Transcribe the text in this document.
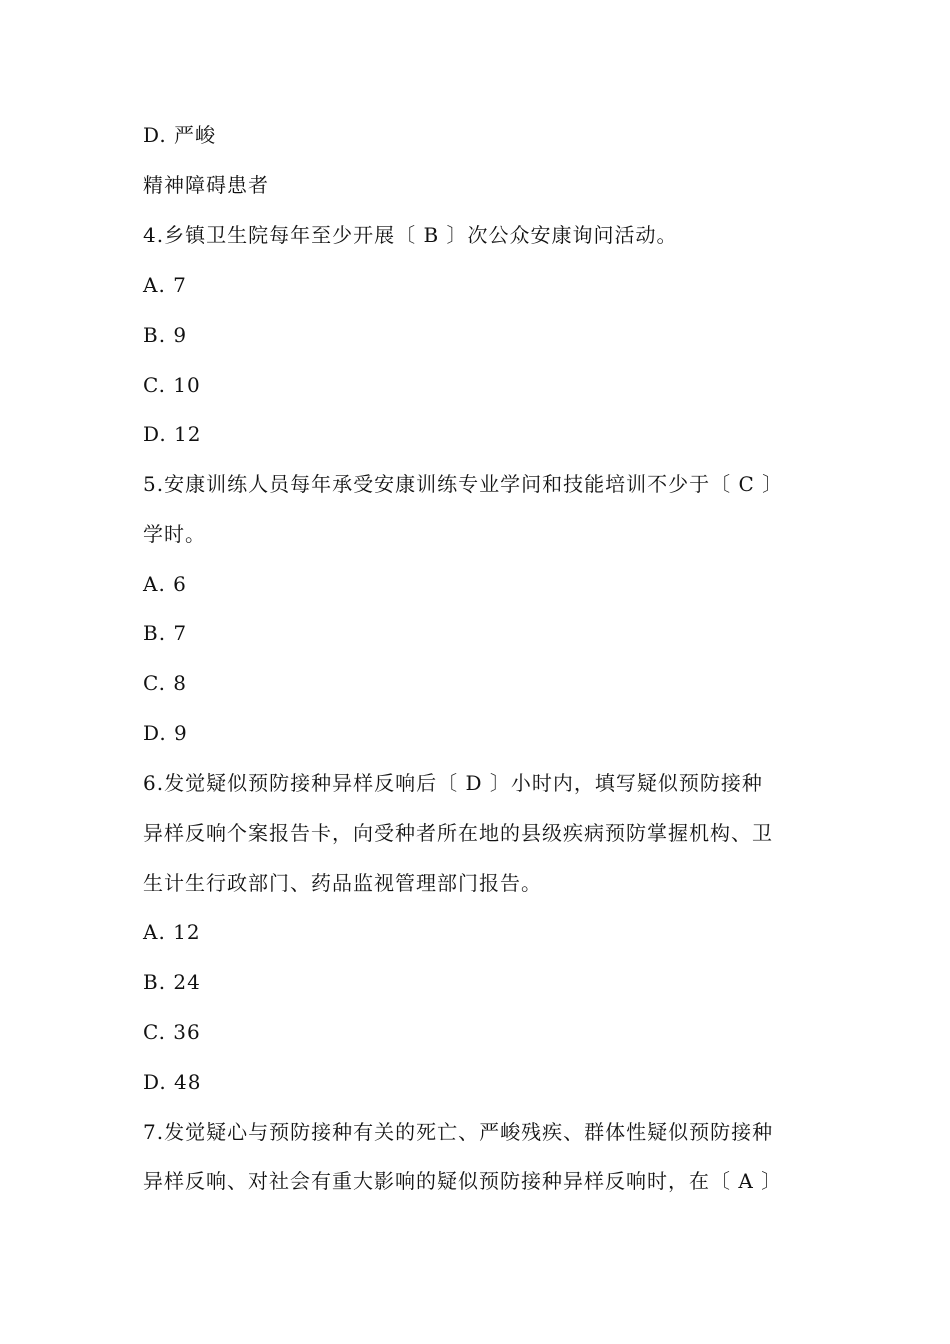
D. 严峻
精神障碍患者
4.乡镇卫生院每年至少开展〔 B 〕次公众安康询问活动。
A. 7
B. 9
C. 10
D. 12
5.安康训练人员每年承受安康训练专业学问和技能培训不少于〔 C 〕
学时。
A. 6
B. 7
C. 8
D. 9
6.发觉疑似预防接种异样反响后〔 D 〕小时内，填写疑似预防接种
异样反响个案报告卡，向受种者所在地的县级疾病预防掌握机构、卫
生计生行政部门、药品监视管理部门报告。
A. 12
B. 24
C. 36
D. 48
7.发觉疑心与预防接种有关的死亡、严峻残疾、群体性疑似预防接种
异样反响、对社会有重大影响的疑似预防接种异样反响时，在〔 A 〕
